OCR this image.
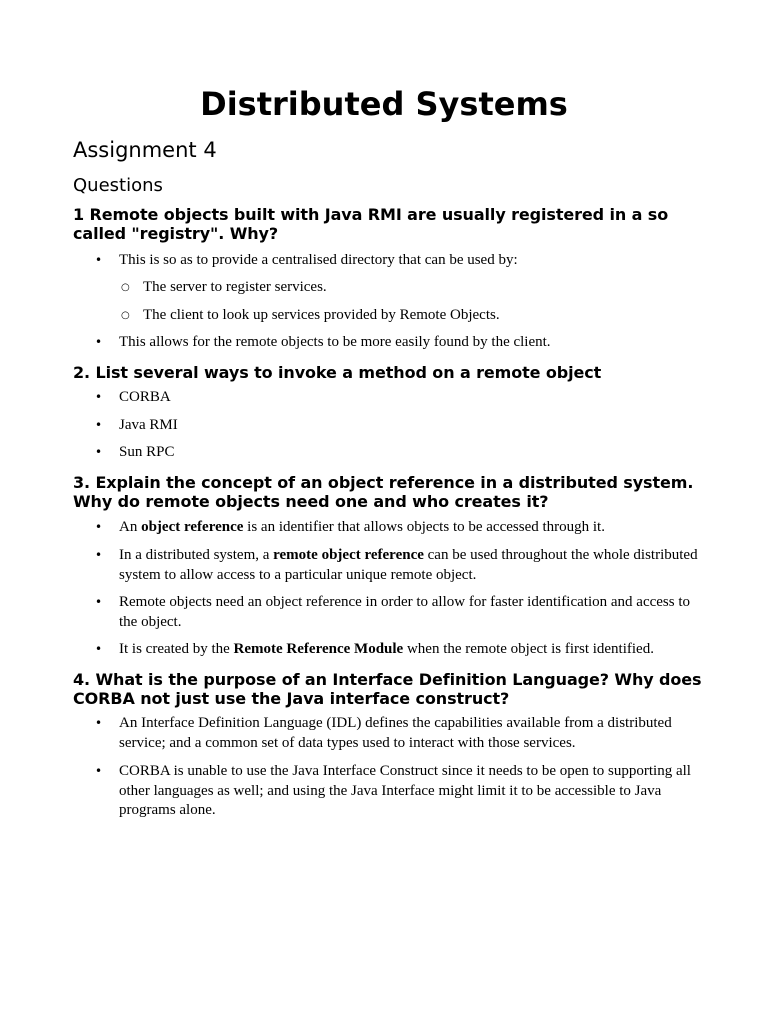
Distributed Systems
Assignment 4
Questions
1 Remote objects built with Java RMI are usually registered in a so called "registry". Why?
• This is so as to provide a centralised directory that can be used by:
○ The server to register services.
○ The client to look up services provided by Remote Objects.
• This allows for the remote objects to be more easily found by the client.
2. List several ways to invoke a method on a remote object
• CORBA
• Java RMI
• Sun RPC
3. Explain the concept of an object reference in a distributed system. Why do remote objects need one and who creates it?
• An object reference is an identifier that allows objects to be accessed through it.
• In a distributed system, a remote object reference can be used throughout the whole distributed system to allow access to a particular unique remote object.
• Remote objects need an object reference in order to allow for faster identification and access to the object.
• It is created by the Remote Reference Module when the remote object is first identified.
4. What is the purpose of an Interface Definition Language? Why does CORBA not just use the Java interface construct?
• An Interface Definition Language (IDL) defines the capabilities available from a distributed service; and a common set of data types used to interact with those services.
• CORBA is unable to use the Java Interface Construct since it needs to be open to supporting all other languages as well; and using the Java Interface might limit it to be accessible to Java programs alone.
